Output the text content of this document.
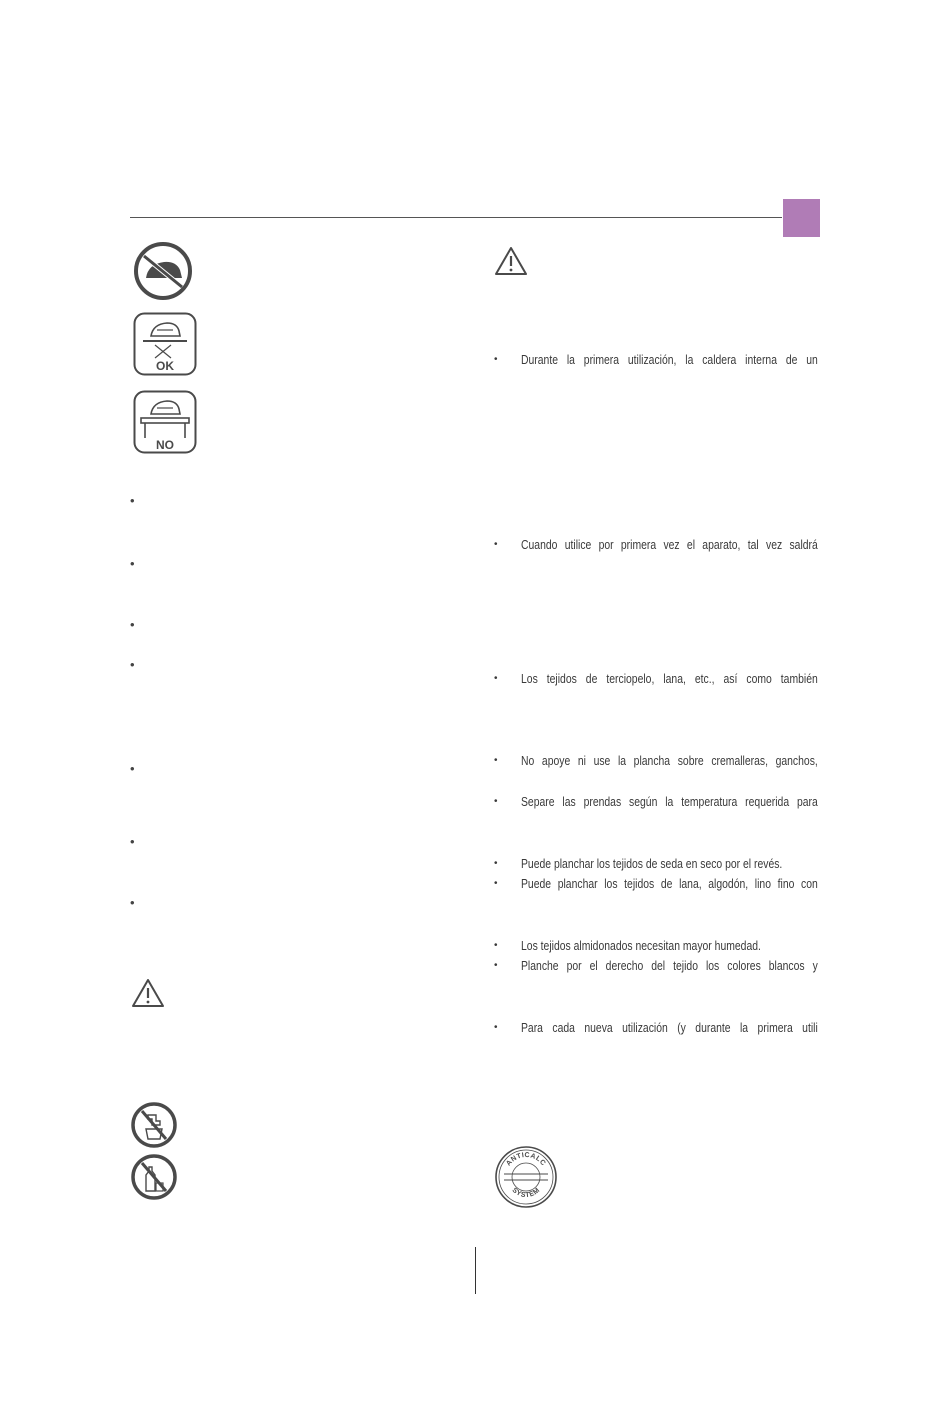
OK
NO
•
•
•
•
•
•
•
•	Durante la primera utilización, la caldera interna de un
•	Cuando utilice por primera vez el aparato, tal vez saldrá
•	Los tejidos de terciopelo, lana, etc., así como también
•	No apoye ni use la plancha sobre cremalleras, ganchos,
•	Separe las prendas según la temperatura requerida para
•	Puede planchar los tejidos de seda en seco por el revés.
•	Puede planchar los tejidos de lana, algodón, lino fino con
•	Los tejidos almidonados necesitan mayor humedad.
•	Planche por el derecho del tejido los colores blancos y
•	Para cada nueva utilización (y durante la primera utili
ANTICALC
SYSTEM
